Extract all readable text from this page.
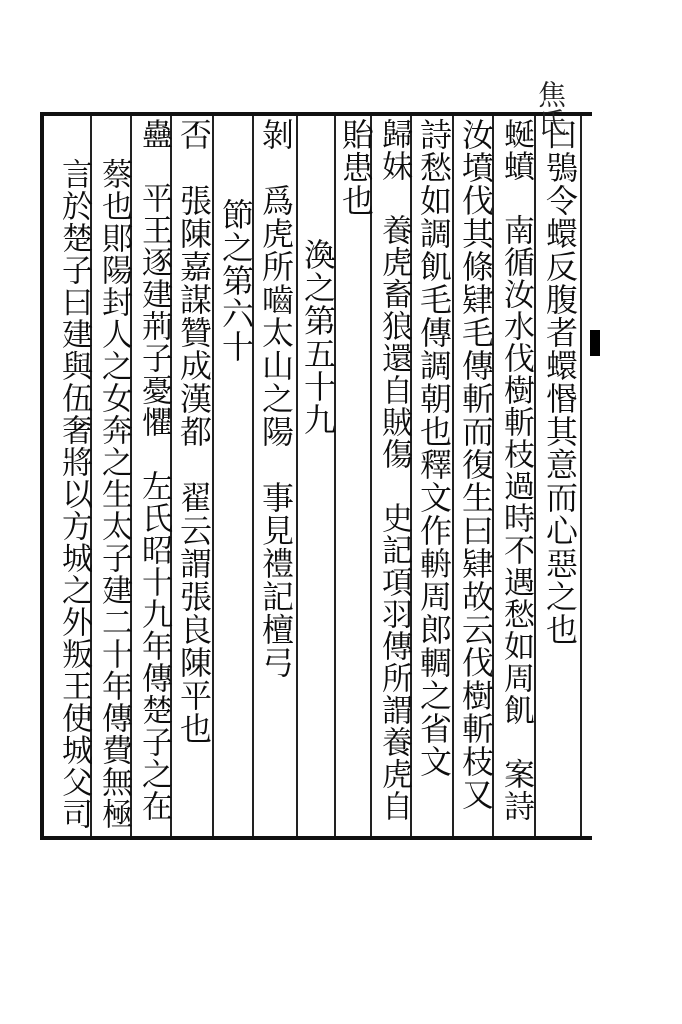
焦氏
曰鴞令蠉反腹者蠉惽其意而心惡之也
蜒蟦　南循汝水伐樹斬枝過時不遇愁如周飢　案詩
汝墳伐其條肄毛傳斬而復生曰肄故云伐樹斬枝又
詩愁如調飢毛傳調朝也釋文作輈周郎輖之省文
歸妹　養虎畜狼還自賊傷　史記項羽傳所謂養虎自
貽患也
渙之第五十九
剝　爲虎所嚙太山之陽　事見禮記檀弓
節之第六十
否　張陳嘉謀贊成漢都　翟云謂張良陳平也
蠱　平王逐建荊子憂懼　左氏昭十九年傳楚子之在
蔡也郥陽封人之女奔之生太子建二十年傳費無極
言於楚子曰建與伍奢將以方城之外叛王使城父司
